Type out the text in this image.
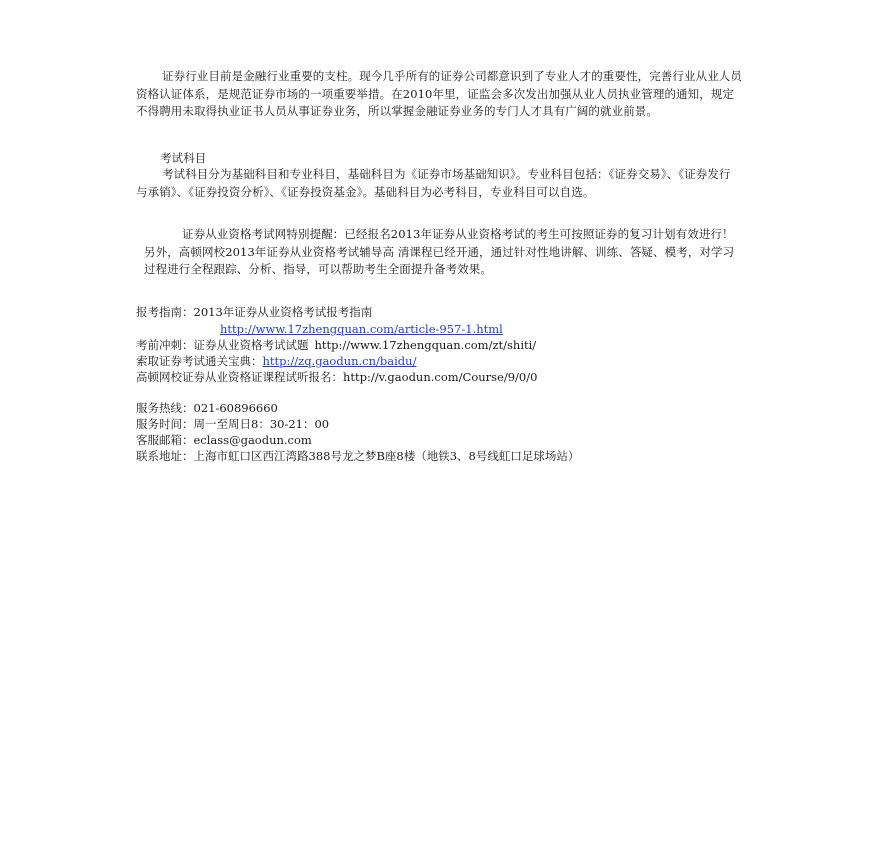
证券行业目前是金融行业重要的支柱。现今几乎所有的证券公司都意识到了专业人才的重要性，完善行业从业人员资格认证体系，是规范证券市场的一项重要举措。在2010年里，证监会多次发出加强从业人员执业管理的通知，规定不得聘用未取得执业证书人员从事证券业务，所以掌握金融证券业务的专门人才具有广阔的就业前景。

考试科目

考试科目分为基础科目和专业科目，基础科目为《证券市场基础知识》。专业科目包括：《证券交易》、《证券发行与承销》、《证券投资分析》、《证券投资基金》。基础科目为必考科目，专业科目可以自选。

证券从业资格考试网特别提醒：已经报名2013年证券从业资格考试的考生可按照证券的复习计划有效进行！另外，高顿网校2013年证券从业资格考试辅导高 清课程已经开通，通过针对性地讲解、训练、答疑、模考，对学习过程进行全程跟踪、分析、指导，可以帮助考生全面提升备考效果。

报考指南：2013年证券从业资格考试报考指南
http://www.17zhengquan.com/article-957-1.html
考前冲刺：证券从业资格考试试题 http://www.17zhengquan.com/zt/shiti/
索取证券考试通关宝典：http://zq.gaodun.cn/baidu/
高顿网校证券从业资格证课程试听报名：http://v.gaodun.com/Course/9/0/0
服务热线：021-60896660
服务时间：周一至周日8：30-21：00
客服邮箱：eclass@gaodun.com
联系地址：上海市虹口区西江湾路388号龙之梦B座8楼（地铁3、8号线虹口足球场站）
